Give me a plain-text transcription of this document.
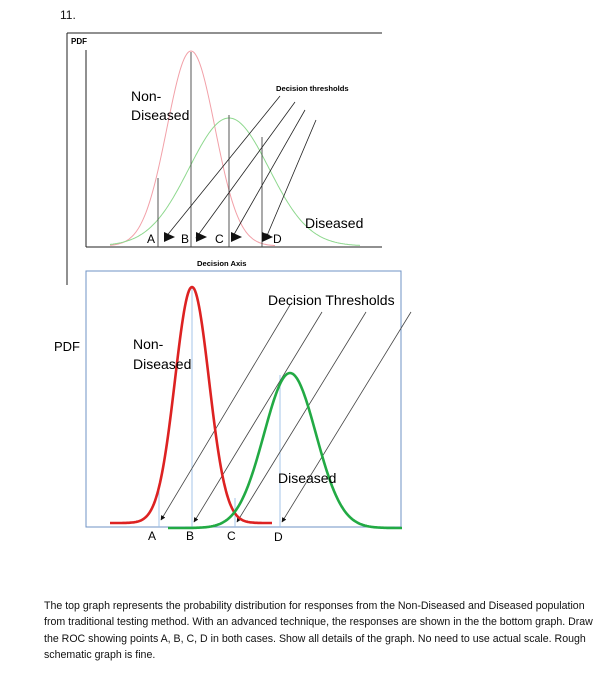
11.
PDF
Decision thresholds
Non-
Diseased
Diseased
A B C	D
Decision Axis
PDF
Decision Thresholds
Non-
Diseased
Diseased
A B	C	D
The top graph represents the probability distribution for responses from the Non-Diseased and Diseased population from traditional testing method. With an advanced technique, the responses are shown in the the bottom graph. Draw the ROC showing points A, B, C, D in both cases. Show all details of the graph. No need to use actual scale. Rough schematic graph is fine.
